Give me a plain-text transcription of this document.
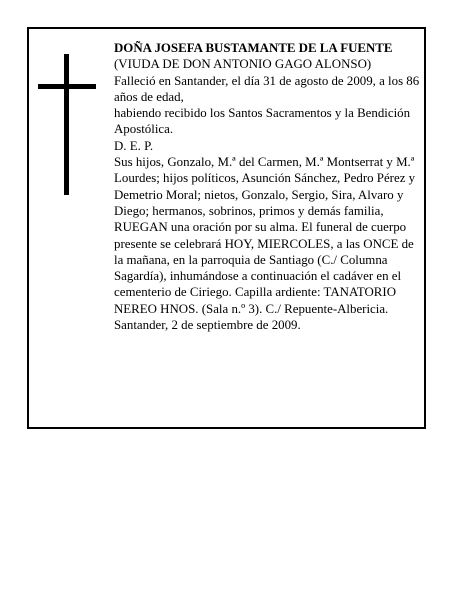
DOÑA JOSEFA BUSTAMANTE DE LA FUENTE

(VIUDA DE DON ANTONIO GAGO ALONSO)

Falleció en Santander, el día 31 de agosto de 2009, a los 86 años de edad,

habiendo recibido los Santos Sacramentos y la Bendición Apostólica.

D. E. P.

Sus hijos, Gonzalo, M.ª del Carmen, M.ª Montserrat y M.ª Lourdes; hijos políticos, Asunción Sánchez, Pedro Pérez y Demetrio Moral; nietos, Gonzalo, Sergio, Sira, Alvaro y Diego; hermanos, sobrinos, primos y demás familia,

RUEGAN una oración por su alma. El funeral de cuerpo presente se celebrará HOY, MIERCOLES, a las ONCE de la mañana, en la parroquia de Santiago (C./ Columna Sagardía), inhumándose a continuación el cadáver en el cementerio de Ciriego. Capilla ardiente: TANATORIO NEREO HNOS. (Sala n.º 3). C./ Repuente-Albericia.

Santander, 2 de septiembre de 2009.
